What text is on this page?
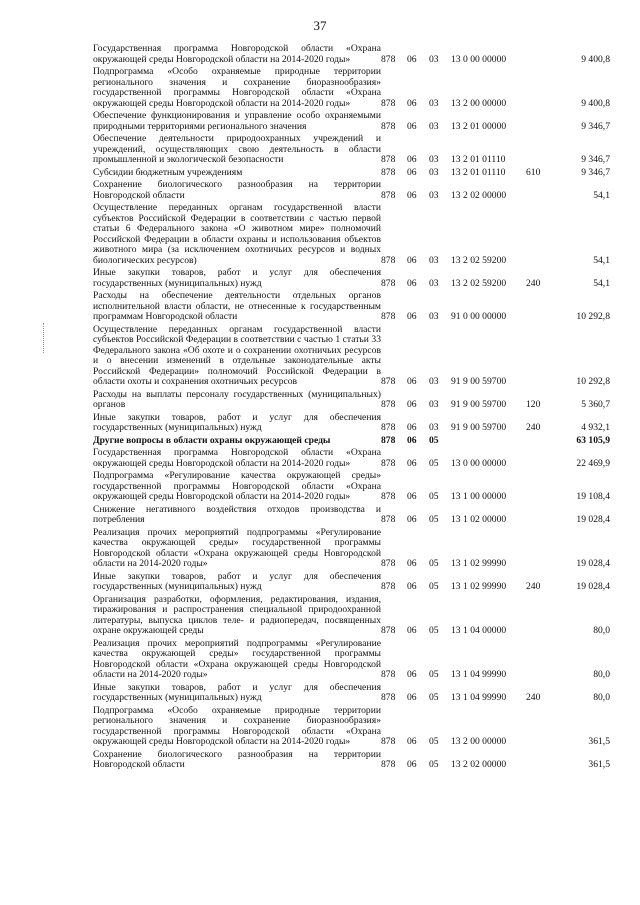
37
Государственная программа Новгородской области «Охрана окружающей среды Новгородской области на 2014-2020 годы»	878	06	03	13 0 00 00000	9 400,8
Подпрограмма «Особо охраняемые природные территории регионального значения и сохранение биоразнообразия» государственной программы Новгородской области «Охрана окружающей среды Новгородской области на 2014-2020 годы»	878	06	03	13 2 00 00000	9 400,8
Обеспечение функционирования и управление особо охраняемыми природными территориями регионального значения	878	06	03	13 2 01 00000	9 346,7
Обеспечение деятельности природоохранных учреждений и учреждений, осуществляющих свою деятельность в области промышленной и экологической безопасности	878	06	03	13 2 01 01110	9 346,7
Субсидии бюджетным учреждениям	878	06	03	13 2 01 01110	610	9 346,7
Сохранение биологического разнообразия на территории Новгородской области	878	06	03	13 2 02 00000	54,1
Осуществление переданных органам государственной власти субъектов Российской Федерации в соответствии с частью первой статьи 6 Федерального закона «О животном мире» полномочий Российской Федерации в области охраны и использования объектов животного мира (за исключением охотничьих ресурсов и водных биологических ресурсов)	878	06	03	13 2 02 59200	54,1
Иные закупки товаров, работ и услуг для обеспечения государственных (муниципальных) нужд	878	06	03	13 2 02 59200	240	54,1
Расходы на обеспечение деятельности отдельных органов исполнительной власти области, не отнесенные к государственным программам Новгородской области	878	06	03	91 0 00 00000	10 292,8
Осуществление переданных органам государственной власти субъектов Российской Федерации в соответствии с частью 1 статьи 33 Федерального закона «Об охоте и о сохранении охотничьих ресурсов и о внесении изменений в отдельные законодательные акты Российской Федерации» полномочий Российской Федерации в области охоты и сохранения охотничьих ресурсов	878	06	03	91 9 00 59700	10 292,8
Расходы на выплаты персоналу государственных (муниципальных) органов	878	06	03	91 9 00 59700	120	5 360,7
Иные закупки товаров, работ и услуг для обеспечения государственных (муниципальных) нужд	878	06	03	91 9 00 59700	240	4 932,1
Другие вопросы в области охраны окружающей среды	878	06	05	63 105,9
Государственная программа Новгородской области «Охрана окружающей среды Новгородской области на 2014-2020 годы»	878	06	05	13 0 00 00000	22 469,9
Подпрограмма «Регулирование качества окружающей среды» государственной программы Новгородской области «Охрана окружающей среды Новгородской области на 2014-2020 годы»	878	06	05	13 1 00 00000	19 108,4
Снижение негативного воздействия отходов производства и потребления	878	06	05	13 1 02 00000	19 028,4
Реализация прочих мероприятий подпрограммы «Регулирование качества окружающей среды» государственной программы Новгородской области «Охрана окружающей среды Новгородской области на 2014-2020 годы»	878	06	05	13 1 02 99990	19 028,4
Иные закупки товаров, работ и услуг для обеспечения государственных (муниципальных) нужд	878	06	05	13 1 02 99990	240	19 028,4
Организация разработки, оформления, редактирования, издания, тиражирования и распространения специальной природоохранной литературы, выпуска циклов теле- и радиопередач, посвященных охране окружающей среды	878	06	05	13 1 04 00000	80,0
Реализация прочих мероприятий подпрограммы «Регулирование качества окружающей среды» государственной программы Новгородской области «Охрана окружающей среды Новгородской области на 2014-2020 годы»	878	06	05	13 1 04 99990	80,0
Иные закупки товаров, работ и услуг для обеспечения государственных (муниципальных) нужд	878	06	05	13 1 04 99990	240	80,0
Подпрограмма «Особо охраняемые природные территории регионального значения и сохранение биоразнообразия» государственной программы Новгородской области «Охрана окружающей среды Новгородской области на 2014-2020 годы»	878	06	05	13 2 00 00000	361,5
Сохранение биологического разнообразия на территории Новгородской области	878	06	05	13 2 02 00000	361,5
